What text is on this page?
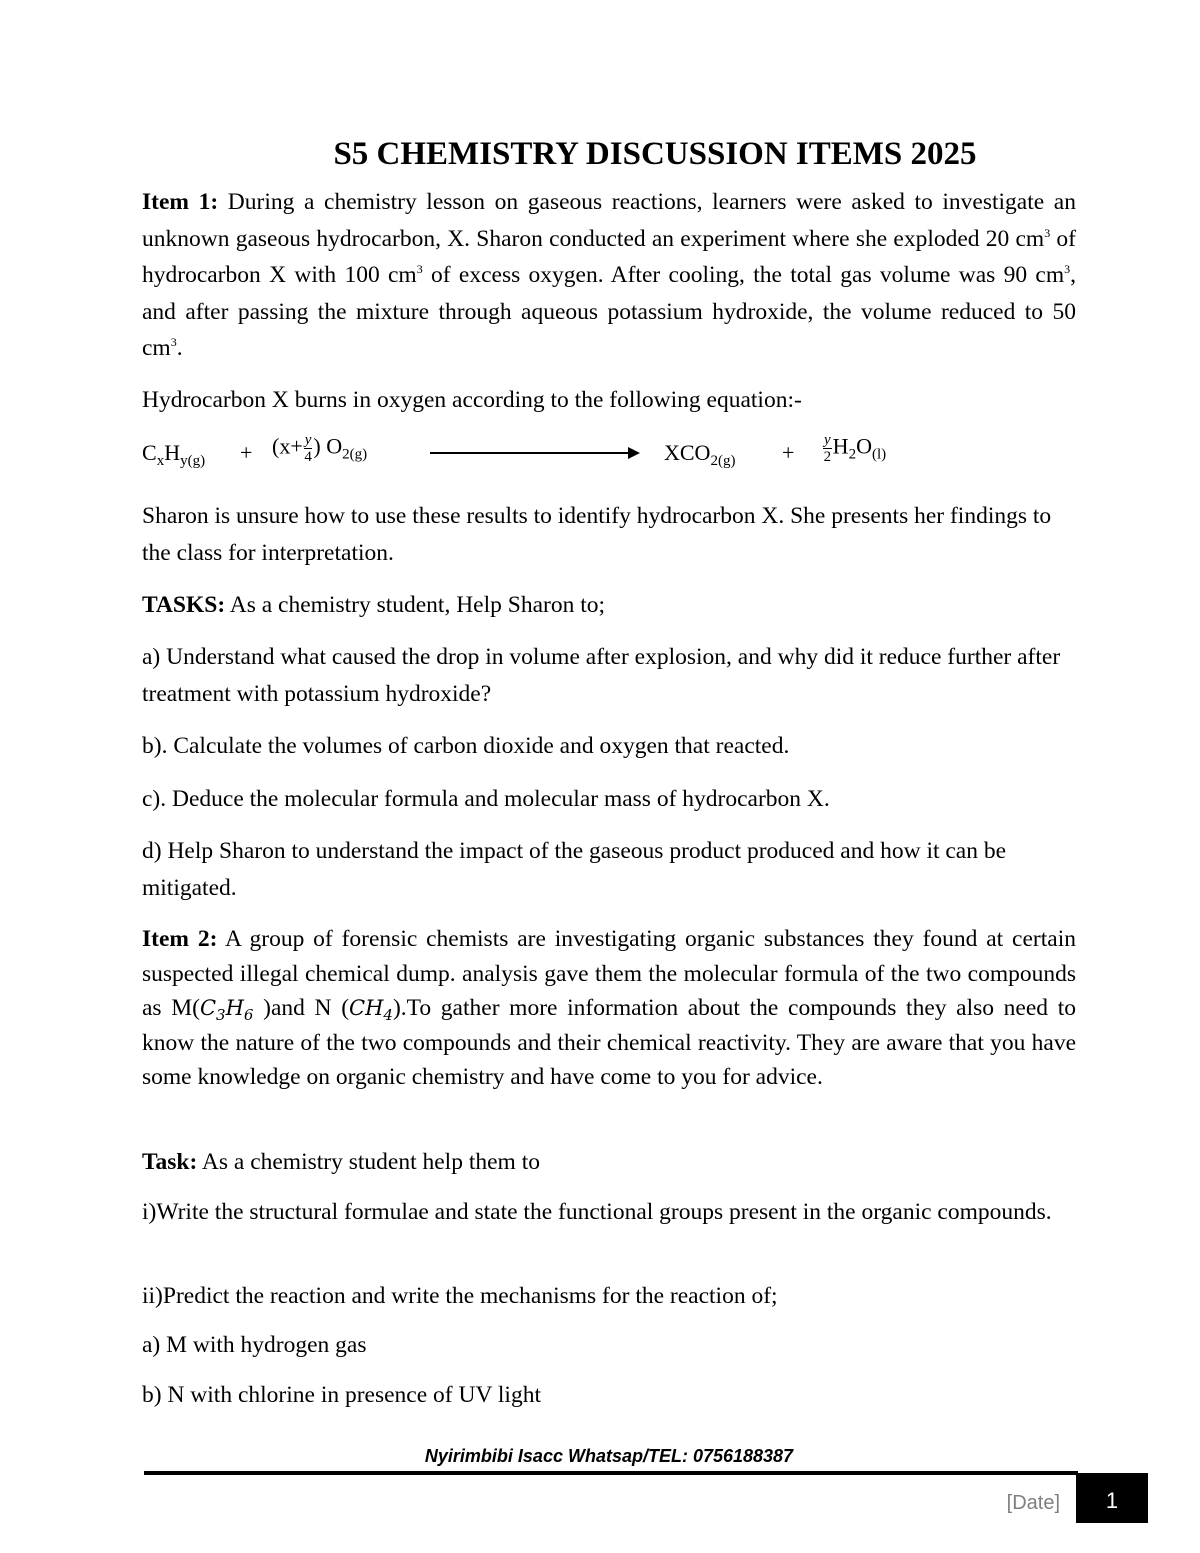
S5 CHEMISTRY DISCUSSION ITEMS 2025
Item 1: During a chemistry lesson on gaseous reactions, learners were asked to investigate an unknown gaseous hydrocarbon, X. Sharon conducted an experiment where she exploded 20 $cm^3$ of hydrocarbon X with 100 $cm^3$ of excess oxygen. After cooling, the total gas volume was 90 $cm^3$, and after passing the mixture through aqueous potassium hydroxide, the volume reduced to 50 $cm^3$.
Hydrocarbon X burns in oxygen according to the following equation:-
$C_xH_{y(g)} + (x+ \frac{y}{4}$ ) $O_{2(g)}$	$XCO_{2(g)} + \frac{y}{2} H_2O_{(l)}$
Sharon is unsure how to use these results to identify hydrocarbon X. She presents her findings to the class for interpretation.
TASKS: As a chemistry student, Help Sharon to;
a) Understand what caused the drop in volume after explosion, and why did it reduce further after treatment with potassium hydroxide?
b). Calculate the volumes of carbon dioxide and oxygen that reacted.
c). Deduce the molecular formula and molecular mass of hydrocarbon X.
d) Help Sharon to understand the impact of the gaseous product produced and how it can be mitigated.
Item 2: A group of forensic chemists are investigating organic substances they found at certain suspected illegal chemical dump. analysis gave them the molecular formula of the two compounds as $M(C_3H_6$ )and N $(CH_4).To$ gather more information about the compounds they also need to know the nature of the two compounds and their chemical reactivity. They are aware that you have some knowledge on organic chemistry and have come to you for advice.
Task: As a chemistry student help them to
i)Write the structural formulae and state the functional groups present in the organic compounds.
ii)Predict the reaction and write the mechanisms for the reaction of;
a) M with hydrogen gas
b) N with chlorine in presence of UV light
Nyirimbibi Isacc Whatsap/TEL: 0756188387
[Date]	1
